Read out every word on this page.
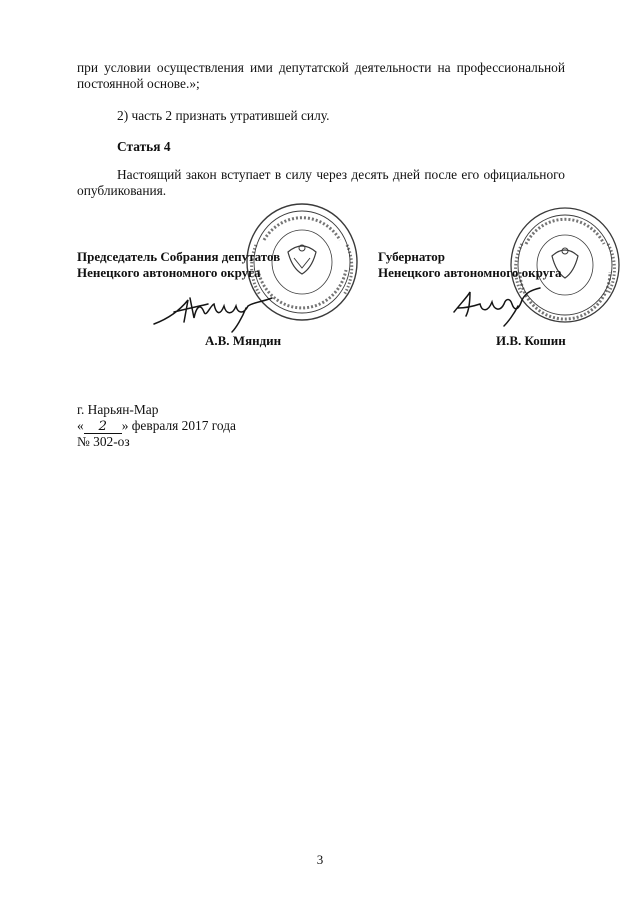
при условии осуществления ими депутатской деятельности на профессиональной
постоянной основе.»;

2) часть 2 признать утратившей силу.

Статья 4

Настоящий закон вступает в силу через десять дней после его официального
опубликования.

Председатель Собрания депутатов
Ненецкого автономного округа
Губернатор
Ненецкого автономного округа
А.В. Мяндин	И.В. Кошин
г. Нарьян-Мар
« 2 » февраля 2017 года
№ 302-оз
3
